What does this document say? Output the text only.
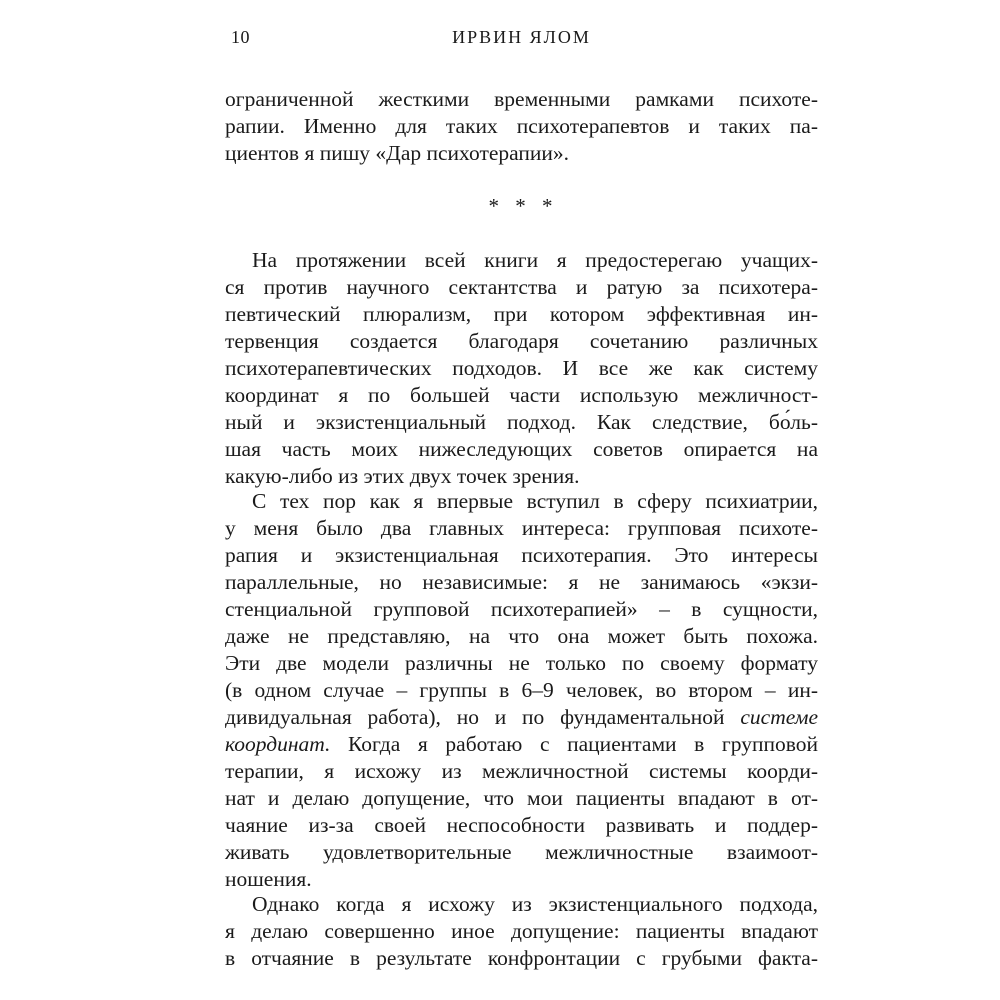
10	ИРВИН ЯЛОМ
ограниченной жесткими временными рамками психоте-
рапии. Именно для таких психотерапевтов и таких па-
циентов я пишу «Дар психотерапии».
* * *
На протяжении всей книги я предостерегаю учащих-
ся против научного сектантства и ратую за психотера-
певтический плюрализм, при котором эффективная ин-
тервенция создается благодаря сочетанию различных
психотерапевтических подходов. И все же как систему
координат я по большей части использую межличност-
ный и экзистенциальный подход. Как следствие, бо́ль-
шая часть моих нижеследующих советов опирается на
какую-либо из этих двух точек зрения.
С тех пор как я впервые вступил в сферу психиатрии,
у меня было два главных интереса: групповая психоте-
рапия и экзистенциальная психотерапия. Это интересы
параллельные, но независимые: я не занимаюсь «экзи-
стенциальной групповой психотерапией» – в сущности,
даже не представляю, на что она может быть похожа.
Эти две модели различны не только по своему формату
(в одном случае – группы в 6–9 человек, во втором – ин-
дивидуальная работа), но и по фундаментальной системе
координат. Когда я работаю с пациентами в групповой
терапии, я исхожу из межличностной системы коорди-
нат и делаю допущение, что мои пациенты впадают в от-
чаяние из-за своей неспособности развивать и поддер-
живать удовлетворительные межличностные взаимоот-
ношения.
Однако когда я исхожу из экзистенциального подхода,
я делаю совершенно иное допущение: пациенты впадают
в отчаяние в результате конфронтации с грубыми факта-
